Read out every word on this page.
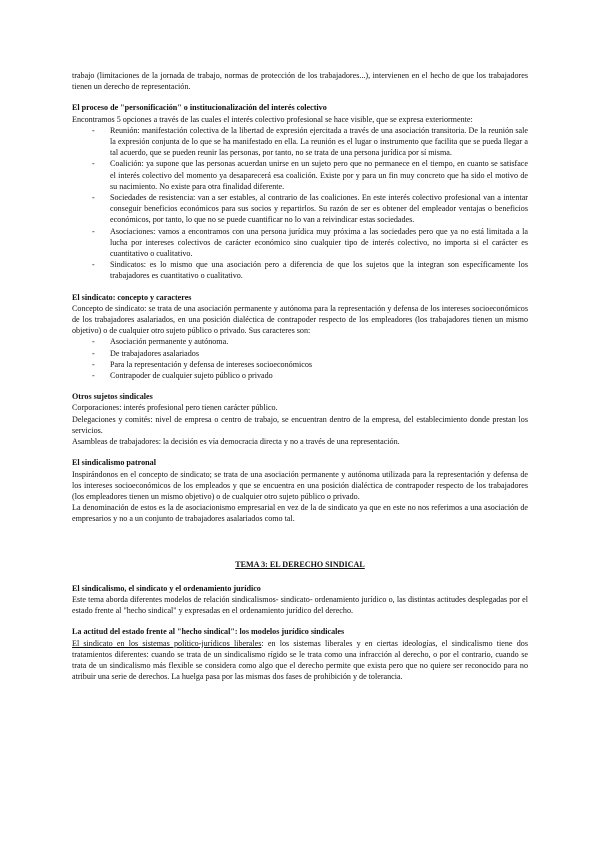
trabajo (limitaciones de la jornada de trabajo, normas de protección de los trabajadores...), intervienen en el hecho de que los trabajadores tienen un derecho de representación.

El proceso de "personificación" o institucionalización del interés colectivo

Encontramos 5 opciones a través de las cuales el interés colectivo profesional se hace visible, que se expresa exteriormente:

- Reunión: manifestación colectiva de la libertad de expresión ejercitada a través de una asociación transitoria. De la reunión sale la expresión conjunta de lo que se ha manifestado en ella. La reunión es el lugar o instrumento que facilita que se pueda llegar a tal acuerdo, que se pueden reunir las personas, por tanto, no se trata de una persona jurídica por sí misma.
- Coalición: ya supone que las personas acuerdan unirse en un sujeto pero que no permanece en el tiempo, en cuanto se satisface el interés colectivo del momento ya desaparecerá esa coalición. Existe por y para un fin muy concreto que ha sido el motivo de su nacimiento. No existe para otra finalidad diferente.
- Sociedades de resistencia: van a ser estables, al contrario de las coaliciones. En este interés colectivo profesional van a intentar conseguir beneficios económicos para sus socios y repartirlos. Su razón de ser es obtener del empleador ventajas o beneficios económicos, por tanto, lo que no se puede cuantificar no lo van a reivindicar estas sociedades.
- Asociaciones: vamos a encontramos con una persona jurídica muy próxima a las sociedades pero que ya no está limitada a la lucha por intereses colectivos de carácter económico sino cualquier tipo de interés colectivo, no importa si el carácter es cuantitativo o cualitativo.
- Sindicatos: es lo mismo que una asociación pero a diferencia de que los sujetos que la integran son específicamente los trabajadores es cuantitativo o cualitativo.
El sindicato: concepto y caracteres

Concepto de sindicato: se trata de una asociación permanente y autónoma para la representación y defensa de los intereses socioeconómicos de los trabajadores asalariados, en una posición dialéctica de contrapoder respecto de los empleadores (los trabajadores tienen un mismo objetivo) o de cualquier otro sujeto público o privado. Sus caracteres son:

- Asociación permanente y autónoma.
- De trabajadores asalariados
- Para la representación y defensa de intereses socioeconómicos
- Contrapoder de cualquier sujeto público o privado
Otros sujetos sindicales

Corporaciones: interés profesional pero tienen carácter público.

Delegaciones y comités: nivel de empresa o centro de trabajo, se encuentran dentro de la empresa, del establecimiento donde prestan los servicios.

Asambleas de trabajadores: la decisión es vía democracia directa y no a través de una representación.

El sindicalismo patronal

Inspirándonos en el concepto de sindicato; se trata de una asociación permanente y autónoma utilizada para la representación y defensa de los intereses socioeconómicos de los empleados y que se encuentra en una posición dialéctica de contrapoder respecto de los trabajadores (los empleadores tienen un mismo objetivo) o de cualquier otro sujeto público o privado.

La denominación de estos es la de asociacionismo empresarial en vez de la de sindicato ya que en este no nos referimos a una asociación de empresarios y no a un conjunto de trabajadores asalariados como tal.

TEMA 3: EL DERECHO SINDICAL

El sindicalismo, el sindicato y el ordenamiento jurídico

Este tema aborda diferentes modelos de relación sindicalismos- sindicato- ordenamiento jurídico o, las distintas actitudes desplegadas por el estado frente al "hecho sindical" y expresadas en el ordenamiento jurídico del derecho.

La actitud del estado frente al "hecho sindical": los modelos jurídico sindicales

El sindicato en los sistemas político-jurídicos liberales: en los sistemas liberales y en ciertas ideologías, el sindicalismo tiene dos tratamientos diferentes: cuando se trata de un sindicalismo rígido se le trata como una infracción al derecho, o por el contrario, cuando se trata de un sindicalismo más flexible se considera como algo que el derecho permite que exista pero que no quiere ser reconocido para no atribuir una serie de derechos. La huelga pasa por las mismas dos fases de prohibición y de tolerancia.
